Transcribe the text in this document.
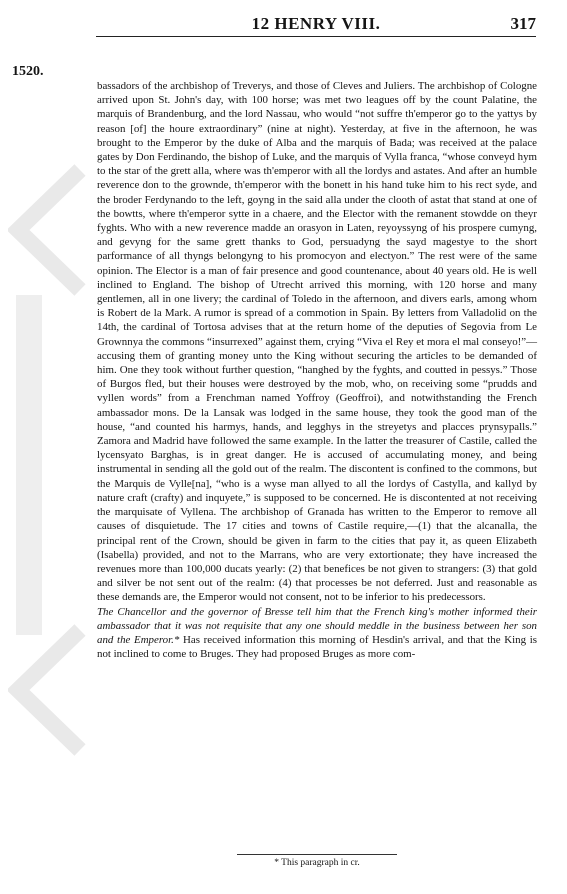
12 HENRY VIII.	317
1520.

bassadors of the archbishop of Treverys, and those of Cleves and Juliers. The archbishop of Cologne arrived upon St. John's day, with 100 horse; was met two leagues off by the count Palatine, the marquis of Brandenburg, and the lord Nassau, who would “not suffre th'emperor go to the yattys by reason [of] the houre extraordinary” (nine at night). Yesterday, at five in the afternoon, he was brought to the Emperor by the duke of Alba and the marquis of Bada; was received at the palace gates by Don Ferdinando, the bishop of Luke, and the marquis of Vylla franca, “whose conveyd hym to the star of the grett alla, where was th'emperor with all the lordys and astates. And after an humble reverence don to the grownde, th'emperor with the bonett in his hand tuke him to his rect syde, and the broder Ferdynando to the left, goyng in the said alla under the clooth of astat that stand at one of the bowtts, where th'emperor sytte in a chaere, and the Elector with the remanent stowdde on theyr fyghts. Who with a new reverence madde an orasyon in Laten, reyoyssyng of his prospere cumyng, and gevyng for the same grett thanks to God, persuadyng the sayd magestye to the short parformance of all thyngs belongyng to his promocyon and electyon.” The rest were of the same opinion. The Elector is a man of fair presence and good countenance, about 40 years old. He is well inclined to England. The bishop of Utrecht arrived this morning, with 120 horse and many gentlemen, all in one livery; the cardinal of Toledo in the afternoon, and divers earls, among whom is Robert de la Mark. A rumor is spread of a commotion in Spain. By letters from Valladolid on the 14th, the cardinal of Tortosa advises that at the return home of the deputies of Segovia from Le Grownnya the commons “insurrexed” against them, crying “Viva el Rey et mora el mal conseyo!”—accusing them of granting money unto the King without securing the articles to be demanded of him. One they took without further question, “hanghed by the fyghts, and coutted in pessys.” Those of Burgos fled, but their houses were destroyed by the mob, who, on receiving some “prudds and vyllen words” from a Frenchman named Yoffroy (Geoffroi), and notwithstanding the French ambassador mons. De la Lansak was lodged in the same house, they took the good man of the house, “and counted his harmys, hands, and legghys in the streyetys and placces prynsypalls.” Zamora and Madrid have followed the same example. In the latter the treasurer of Castile, called the lycensyato Barghas, is in great danger. He is accused of accumulating money, and being instrumental in sending all the gold out of the realm. The discontent is confined to the commons, but the Marquis de Vylle[na], “who is a wyse man allyed to all the lordys of Castylla, and kallyd by nature craft (crafty) and inquyete,” is supposed to be concerned. He is discontented at not receiving the marquisate of Vyllena. The archbishop of Granada has written to the Emperor to remove all causes of disquietude. The 17 cities and towns of Castile require,—(1) that the alcanalla, the principal rent of the Crown, should be given in farm to the cities that pay it, as queen Elizabeth (Isabella) provided, and not to the Marrans, who are very extortionate; they have increased the revenues more than 100,000 ducats yearly: (2) that benefices be not given to strangers: (3) that gold and silver be not sent out of the realm: (4) that processes be not deferred. Just and reasonable as these demands are, the Emperor would not consent, not to be inferior to his predecessors.

The Chancellor and the governor of Bresse tell him that the French king's mother informed their ambassador that it was not requisite that any one should meddle in the business between her son and the Emperor.* Has received information this morning of Hesdin's arrival, and that the King is not inclined to come to Bruges. They had proposed Bruges as more com-

* This paragraph in cr.
